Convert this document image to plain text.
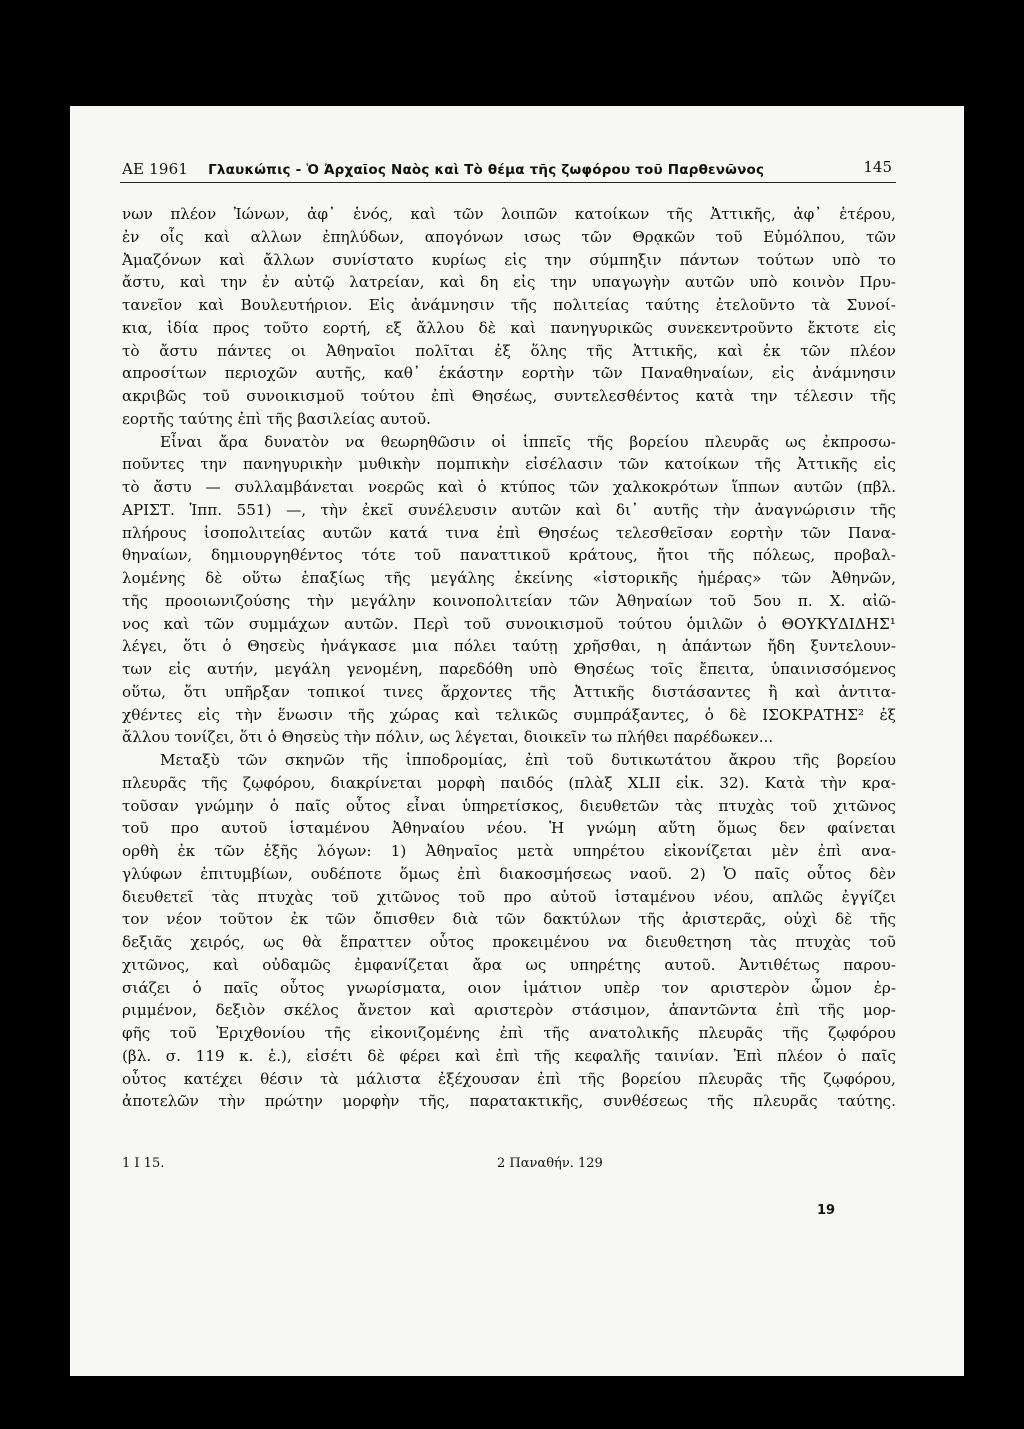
ΑΕ 1961 Γλαυκώπις - Ὁ Ἀρχαῖος Ναὸς καὶ Τὸ θέμα τῆς ζωφόρου τοῦ Παρθενῶνος	145
νων πλέον Ἰώνων, ἀφ᾽ ἑνός, καὶ τῶν λοιπῶν κατοίκων τῆς Ἀττικῆς, ἀφ᾽ ἑτέρου,
ἐν οἷς καὶ αλλων ἐπηλύδων, απογόνων ισως τῶν Θρᾳκῶν τοῦ Εὐμόλπου, τῶν
Ἀμαζόνων καὶ ἄλλων συνίστατο κυρίως εἰς την σύμπηξιν πάντων τούτων υπὸ το
ἄστυ, καὶ την ἐν αὐτῷ λατρείαν, καὶ δη εἰς την υπαγωγὴν αυτῶν υπὸ κοινὸν Πρυ-
τανεῖον καὶ Βουλευτήριον. Εἰς ἀνάμνησιν τῆς πολιτείας ταύτης ἐτελοῦντο τὰ Συνοί-
κια, ἰδία προς τοῦτο εορτή, εξ ἄλλου δὲ καὶ πανηγυρικῶς συνεκεντροῦντο ἔκτοτε εἰς
τὸ ἄστυ πάντες οι Ἀθηναῖοι πολῖται ἐξ ὅλης τῆς Ἀττικῆς, καὶ ἐκ τῶν πλέον
απροσίτων περιοχῶν αυτῆς, καθ᾽ ἑκάστην εορτὴν τῶν Παναθηναίων, εἰς ἀνάμνησιν
ακριβῶς τοῦ συνοικισμοῦ τούτου ἐπὶ Θησέως, συντελεσθέντος κατὰ την τέλεσιν τῆς
εορτῆς ταύτης ἐπὶ τῆς βασιλείας αυτοῦ.
Εἶναι ἄρα δυνατὸν να θεωρηθῶσιν οἱ ἱππεῖς τῆς βορείου πλευρᾶς ως ἐκπροσω-
ποῦντες την πανηγυρικὴν μυθικὴν πομπικὴν εἰσέλασιν τῶν κατοίκων τῆς Ἀττικῆς εἰς
τὸ ἄστυ — συλλαμβάνεται νοερῶς καὶ ὁ κτύπος τῶν χαλκοκρότων ἵππων αυτῶν (πβλ.
ΑΡΙΣΤ. Ἱππ. 551) —, τὴν ἐκεῖ συνέλευσιν αυτῶν καὶ δι᾽ αυτῆς τὴν ἀναγνώρισιν τῆς
πλήρους ἰσοπολιτείας αυτῶν κατά τινα ἐπὶ Θησέως τελεσθεῖσαν εορτὴν τῶν Πανα-
θηναίων, δημιουργηθέντος τότε τοῦ παναττικοῦ κράτους, ἤτοι τῆς πόλεως, προβαλ-
λομένης δὲ οὕτω ἐπαξίως τῆς μεγάλης ἐκείνης «ἱστορικῆς ἡμέρας» τῶν Ἀθηνῶν,
τῆς προοιωνιζούσης τὴν μεγάλην κοινοπολιτείαν τῶν Ἀθηναίων τοῦ 5ου π. Χ. αἰῶ-
νος καὶ τῶν συμμάχων αυτῶν. Περὶ τοῦ συνοικισμοῦ τούτου ὁμιλῶν ὁ ΘΟΥΚΥΔΙΔΗΣ¹
λέγει, ὅτι ὁ Θησεὺς ἠνάγκασε μια πόλει ταύτῃ χρῆσθαι, η ἁπάντων ἤδη ξυντελουν-
των εἰς αυτήν, μεγάλη γενομένη, παρεδόθη υπὸ Θησέως τοῖς ἔπειτα, ὑπαινισσόμενος
οὕτω, ὅτι υπῆρξαν τοπικοί τινες ἄρχοντες τῆς Ἀττικῆς διστάσαντες ἢ καὶ ἀντιτα-
χθέντες εἰς τὴν ἕνωσιν τῆς χώρας καὶ τελικῶς συμπράξαντες, ὁ δὲ ΙΣΟΚΡΑΤΗΣ² ἐξ
ἄλλου τονίζει, ὅτι ὁ Θησεὺς τὴν πόλιν, ως λέγεται, διοικεῖν τω πλήθει παρέδωκεν...
Μεταξὺ τῶν σκηνῶν τῆς ἱπποδρομίας, ἐπὶ τοῦ δυτικωτάτου ἄκρου τῆς βορείου
πλευρᾶς τῆς ζῳφόρου, διακρίνεται μορφὴ παιδός (πλὰξ XLII εἰκ. 32). Κατὰ τὴν κρα-
τοῦσαν γνώμην ὁ παῖς οὗτος εἶναι ὑπηρετίσκος, διευθετῶν τὰς πτυχὰς τοῦ χιτῶνος
τοῦ προ αυτοῦ ἱσταμένου Ἀθηναίου νέου. Ἡ γνώμη αὕτη ὅμως δεν φαίνεται
ορθὴ ἐκ τῶν ἑξῆς λόγων: 1) Ἀθηναῖος μετὰ υπηρέτου εἰκονίζεται μὲν ἐπὶ ανα-
γλύφων ἐπιτυμβίων, ουδέποτε ὅμως ἐπὶ διακοσμήσεως ναοῦ. 2) Ὁ παῖς οὗτος δὲν
διευθετεῖ τὰς πτυχὰς τοῦ χιτῶνος τοῦ προ αὐτοῦ ἱσταμένου νέου, απλῶς ἐγγίζει
τον νέον τοῦτον ἐκ τῶν ὄπισθεν διὰ τῶν δακτύλων τῆς ἀριστερᾶς, οὐχὶ δὲ τῆς
δεξιᾶς χειρός, ως θὰ ἔπραττεν οὗτος προκειμένου να διευθετηση τὰς πτυχὰς τοῦ
χιτῶνος, καὶ οὐδαμῶς ἐμφανίζεται ἄρα ως υπηρέτης αυτοῦ. Ἀντιθέτως παρου-
σιάζει ὁ παῖς οὗτος γνωρίσματα, οιον ἱμάτιον υπὲρ τον αριστερὸν ὦμον ἐρ-
ριμμένον, δεξιὸν σκέλος ἄνετον καὶ αριστερὸν στάσιμον, ἀπαντῶντα ἐπὶ τῆς μορ-
φῆς τοῦ Ἐριχθονίου τῆς εἰκονιζομένης ἐπὶ τῆς ανατολικῆς πλευρᾶς τῆς ζῳφόρου
(βλ. σ. 119 κ. ἑ.), εἰσέτι δὲ φέρει καὶ ἐπὶ τῆς κεφαλῆς ταινίαν. Ἐπὶ πλέον ὁ παῖς
οὗτος κατέχει θέσιν τὰ μάλιστα ἐξέχουσαν ἐπὶ τῆς βορείου πλευρᾶς τῆς ζῳφόρου,
ἀποτελῶν τὴν πρώτην μορφὴν τῆς, παρατακτικῆς, συνθέσεως τῆς πλευρᾶς ταύτης.
1 Ι 15.	2 Παναθήν. 129
19
